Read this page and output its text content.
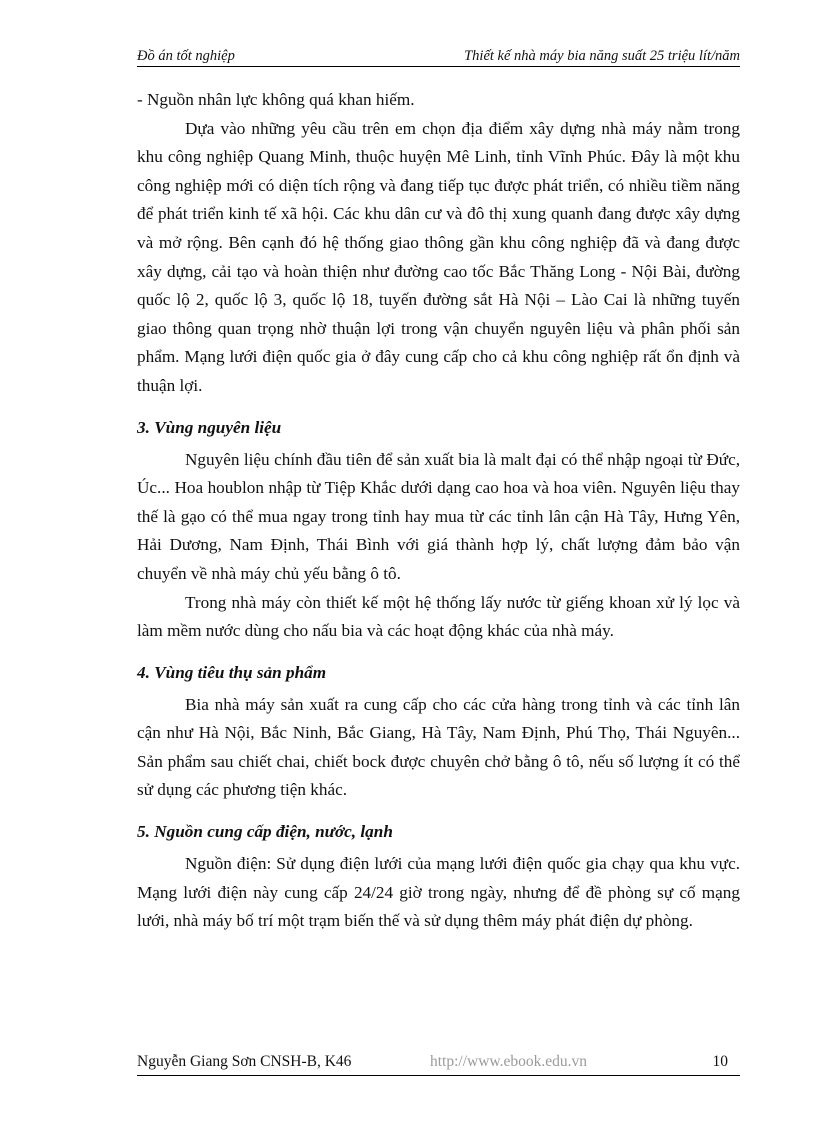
Đồ án tốt nghiệp	Thiết kế nhà máy bia năng suất 25 triệu lít/năm

- Nguồn nhân lực không quá khan hiếm.

Dựa vào những yêu cầu trên em chọn địa điểm xây dựng nhà máy nằm trong khu công nghiệp Quang Minh, thuộc huyện Mê Linh, tỉnh Vĩnh Phúc. Đây là một khu công nghiệp mới có diện tích rộng và đang tiếp tục được phát triển, có nhiều tiềm năng để phát triển kinh tế xã hội. Các khu dân cư và đô thị xung quanh đang được xây dựng và mở rộng. Bên cạnh đó hệ thống giao thông gần khu công nghiệp đã và đang được xây dựng, cải tạo và hoàn thiện như đường cao tốc Bắc Thăng Long - Nội Bài, đường quốc lộ 2, quốc lộ 3, quốc lộ 18, tuyến đường sắt Hà Nội – Lào Cai là những tuyến giao thông quan trọng nhờ thuận lợi trong vận chuyển nguyên liệu và phân phối sản phẩm. Mạng lưới điện quốc gia ở đây cung cấp cho cả khu công nghiệp rất ổn định và thuận lợi.

3. Vùng nguyên liệu

Nguyên liệu chính đầu tiên để sản xuất bia là malt đại có thể nhập ngoại từ Đức, Úc... Hoa houblon nhập từ Tiệp Khắc dưới dạng cao hoa và hoa viên. Nguyên liệu thay thế là gạo có thể mua ngay trong tỉnh hay mua từ các tỉnh lân cận Hà Tây, Hưng Yên, Hải Dương, Nam Định, Thái Bình với giá thành hợp lý, chất lượng đảm bảo vận chuyển về nhà máy chủ yếu bằng ô tô.

Trong nhà máy còn thiết kế một hệ thống lấy nước từ giếng khoan xử lý lọc và làm mềm nước dùng cho nấu bia và các hoạt động khác của nhà máy.

4. Vùng tiêu thụ sản phẩm

Bia nhà máy sản xuất ra cung cấp cho các cửa hàng trong tỉnh và các tỉnh lân cận như Hà Nội, Bắc Ninh, Bắc Giang, Hà Tây, Nam Định, Phú Thọ, Thái Nguyên... Sản phẩm sau chiết chai, chiết bock được chuyên chở bằng ô tô, nếu số lượng ít có thể sử dụng các phương tiện khác.

5. Nguồn cung cấp điện, nước, lạnh

Nguồn điện: Sử dụng điện lưới của mạng lưới điện quốc gia chạy qua khu vực. Mạng lưới điện này cung cấp 24/24 giờ trong ngày, nhưng để đề phòng sự cố mạng lưới, nhà máy bố trí một trạm biến thế và sử dụng thêm máy phát điện dự phòng.

Nguyễn Giang Sơn CNSH-B, K46	http://www.ebook.edu.vn	10
